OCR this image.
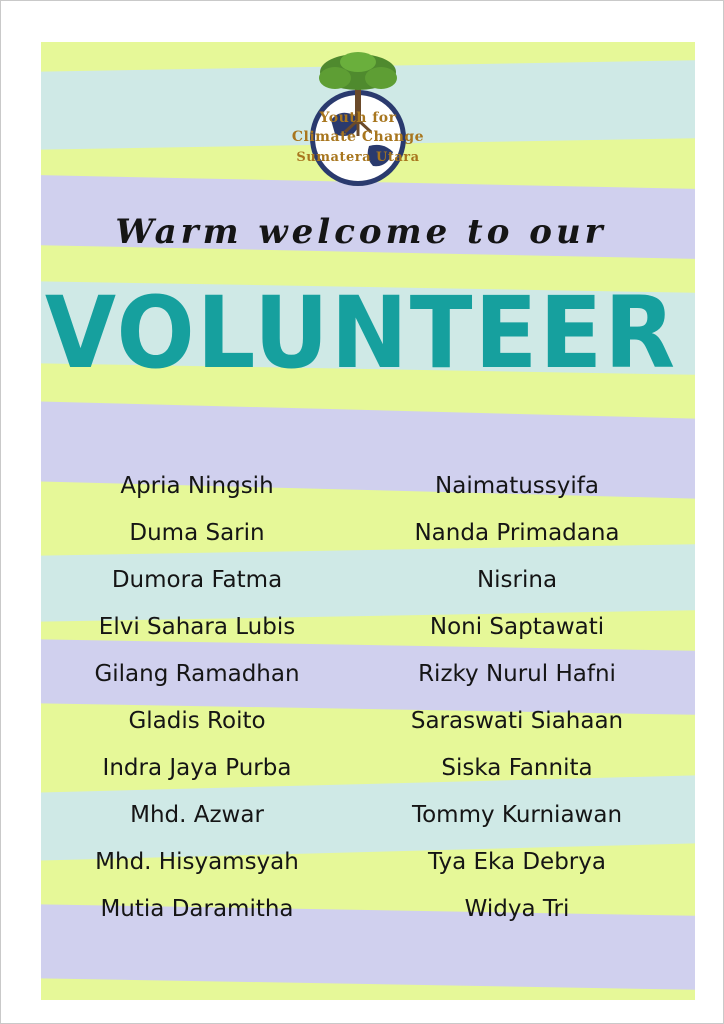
Youth for
Climate Change
Sumatera Utara
Warm welcome to our
VOLUNTEER
Apria Ningsih
Duma Sarin
Dumora Fatma
Elvi Sahara Lubis
Gilang Ramadhan
Gladis Roito
Indra Jaya Purba
Mhd. Azwar
Mhd. Hisyamsyah
Mutia Daramitha
Naimatussyifa
Nanda Primadana
Nisrina
Noni Saptawati
Rizky Nurul Hafni
Saraswati Siahaan
Siska Fannita
Tommy Kurniawan
Tya Eka Debrya
Widya Tri
